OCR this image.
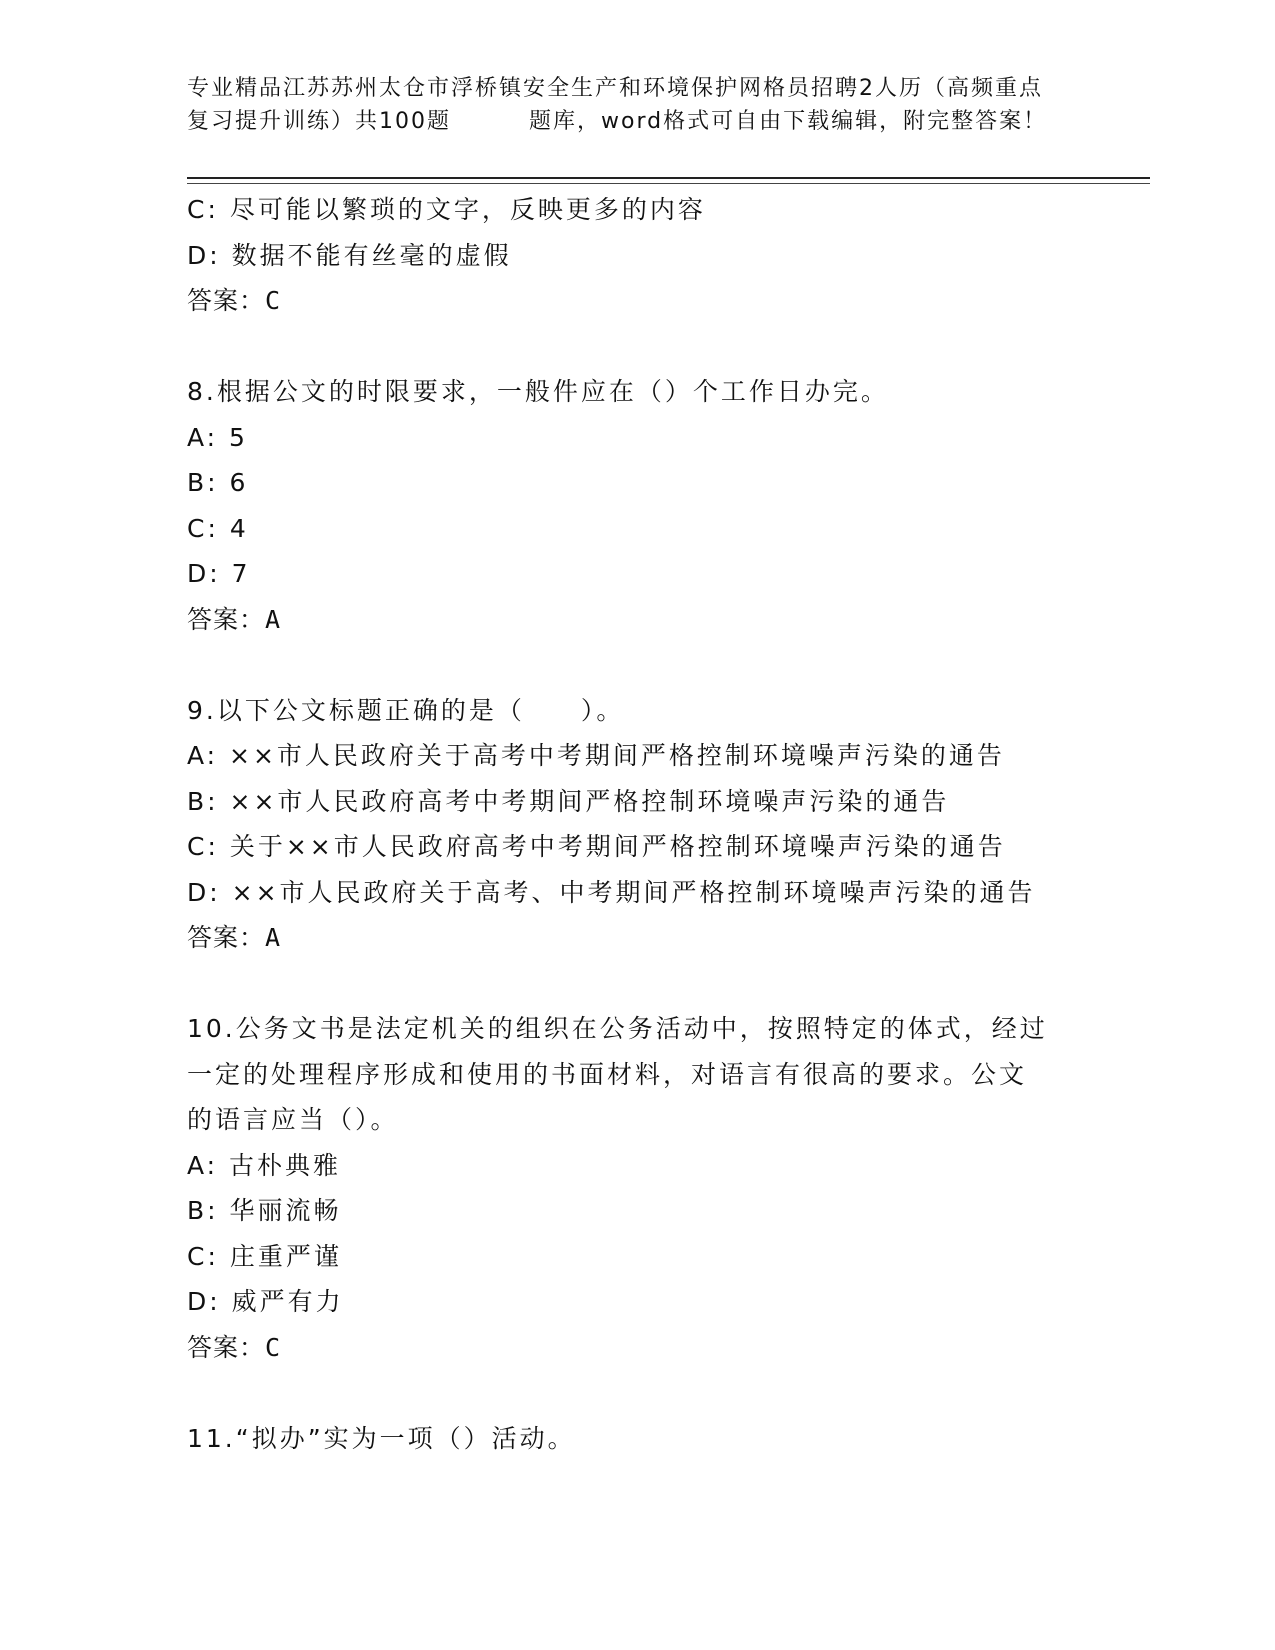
专业精品江苏苏州太仓市浮桥镇安全生产和环境保护网格员招聘2人历（高频重点
复习提升训练）共100题	题库，word格式可自由下载编辑，附完整答案！
C: 尽可能以繁琐的文字，反映更多的内容
D: 数据不能有丝毫的虚假
答案：C
8.根据公文的时限要求，一般件应在（）个工作日办完。
A: 5
B: 6
C: 4
D: 7
答案：A
9.以下公文标题正确的是（　　）。
A: ××市人民政府关于高考中考期间严格控制环境噪声污染的通告
B: ××市人民政府高考中考期间严格控制环境噪声污染的通告
C: 关于××市人民政府高考中考期间严格控制环境噪声污染的通告
D: ××市人民政府关于高考、中考期间严格控制环境噪声污染的通告
答案：A
10.公务文书是法定机关的组织在公务活动中，按照特定的体式，经过
一定的处理程序形成和使用的书面材料，对语言有很高的要求。公文
的语言应当（）。
A: 古朴典雅
B: 华丽流畅
C: 庄重严谨
D: 威严有力
答案：C
11.“拟办”实为一项（）活动。
